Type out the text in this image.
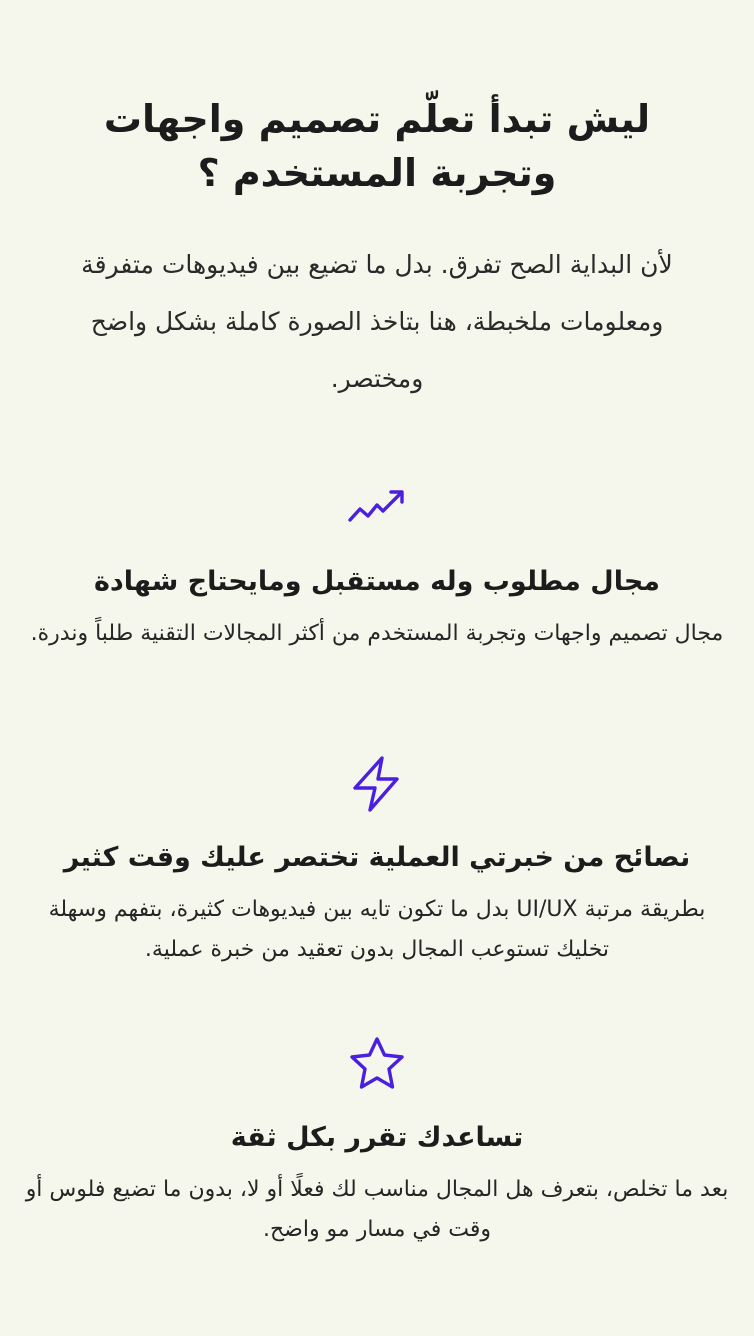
ليش تبدأ تعلّم تصميم واجهات وتجربة المستخدم ؟

لأن البداية الصح تفرق. بدل ما تضيع بين فيديوهات متفرقة ومعلومات ملخبطة، هنا بتاخذ الصورة كاملة بشكل واضح ومختصر.

مجال مطلوب وله مستقبل ومايحتاج شهادة

مجال تصميم واجهات وتجربة المستخدم من أكثر المجالات التقنية طلباً وندرة.

نصائح من خبرتي العملية تختصر عليك وقت كثير

بطريقة مرتبة UI/UX بدل ما تكون تايه بين فيديوهات كثيرة، بتفهم وسهلة تخليك تستوعب المجال بدون تعقيد من خبرة عملية.

تساعدك تقرر بكل ثقة

بعد ما تخلص، بتعرف هل المجال مناسب لك فعلًا أو لا، بدون ما تضيع فلوس أو وقت في مسار مو واضح.
